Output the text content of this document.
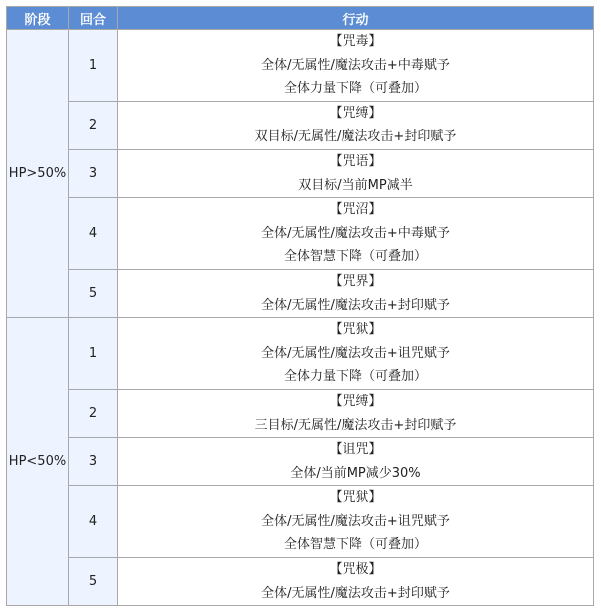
阶段	回合	行动
HP>50%	1	【咒毒】
全体/无属性/魔法攻击+中毒赋予
全体力量下降（可叠加）

	2	【咒缚】
双目标/无属性/魔法攻击+封印赋予

	3	【咒语】
双目标/当前MP减半

	4	【咒沼】
全体/无属性/魔法攻击+中毒赋予
全体智慧下降（可叠加）

	5	【咒界】
全体/无属性/魔法攻击+封印赋予

HP<50%	1	【咒狱】
全体/无属性/魔法攻击+诅咒赋予
全体力量下降（可叠加）

	2	【咒缚】
三目标/无属性/魔法攻击+封印赋予

	3	【诅咒】
全体/当前MP减少30%

	4	【咒狱】
全体/无属性/魔法攻击+诅咒赋予
全体智慧下降（可叠加）

	5	【咒极】
全体/无属性/魔法攻击+封印赋予
